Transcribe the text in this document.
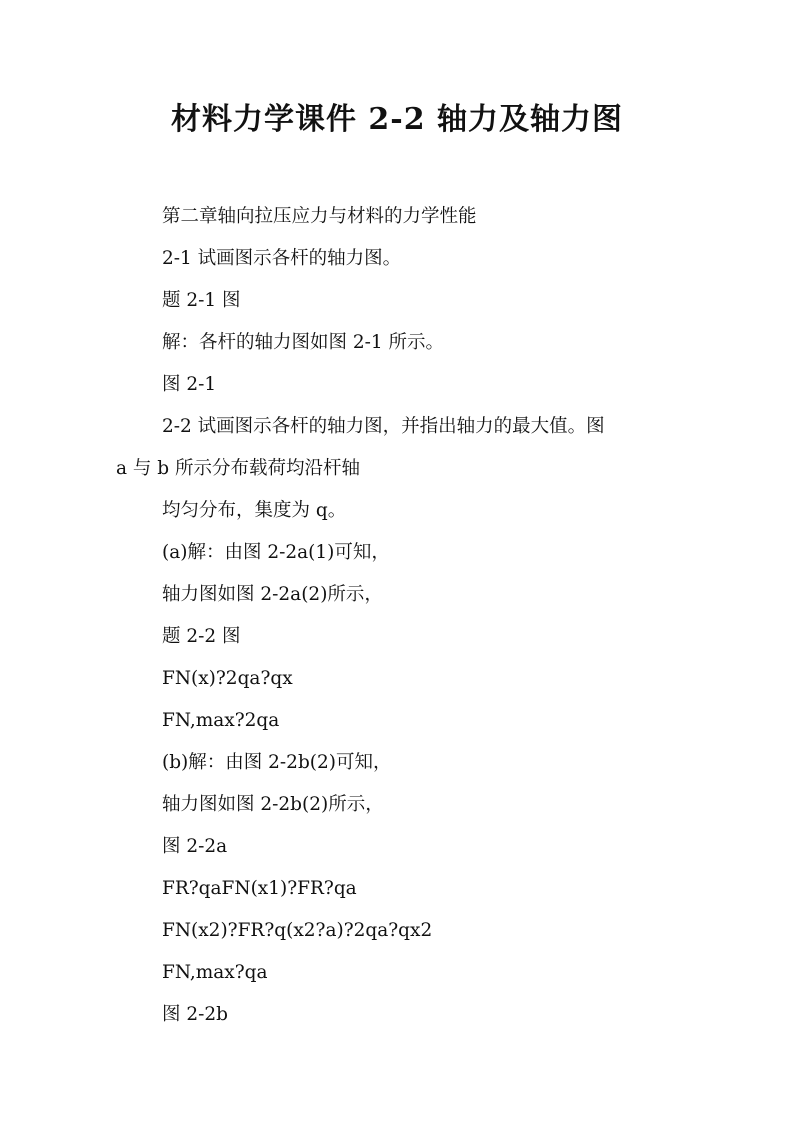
材料力学课件 2-2 轴力及轴力图

第二章轴向拉压应力与材料的力学性能

2-1 试画图示各杆的轴力图。

题 2-1 图

解：各杆的轴力图如图 2-1 所示。

图 2-1

2-2 试画图示各杆的轴力图，并指出轴力的最大值。图

a 与 b 所示分布载荷均沿杆轴

均匀分布，集度为 q。

(a)解：由图 2-2a(1)可知，

轴力图如图 2-2a(2)所示，

题 2-2 图

FN(x)?2qa?qx

FN,max?2qa

(b)解：由图 2-2b(2)可知，

轴力图如图 2-2b(2)所示，

图 2-2a

FR?qaFN(x1)?FR?qa

FN(x2)?FR?q(x2?a)?2qa?qx2

FN,max?qa

图 2-2b
